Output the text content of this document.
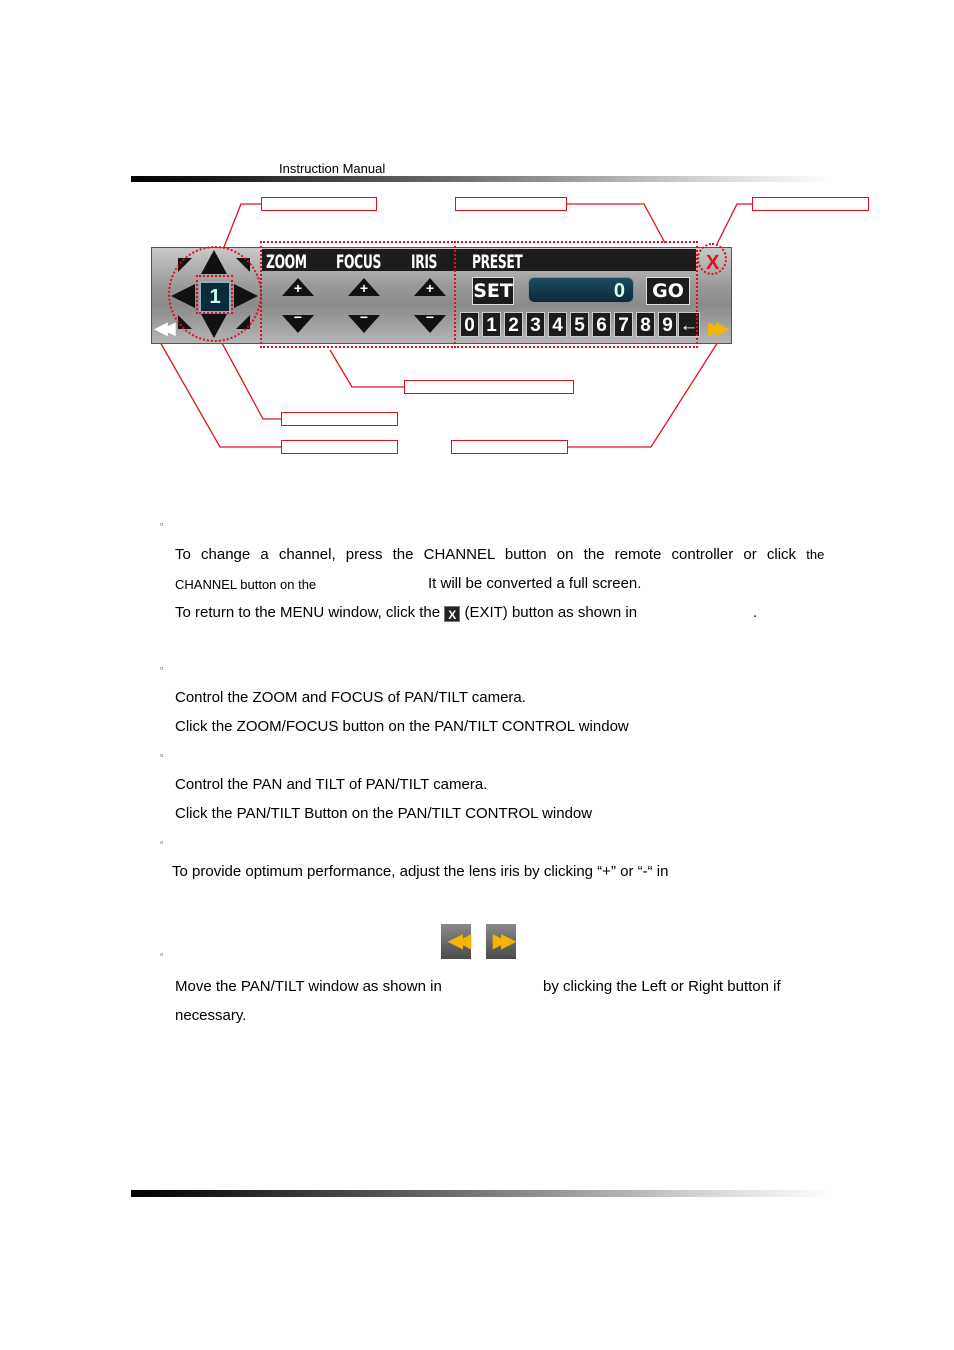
Instruction Manual
ZOOM FOCUS IRIS PRESET
1	+	+	+
−	−	−
SET	0	GO
0 1 2 3 4 5 6 7 8 9 ←
X
◀◀	▶▶
▫
To change a channel, press the CHANNEL button on the remote controller or click the
CHANNEL button on the	It will be converted a full screen.
To return to the MENU window, click the X (EXIT) button as shown in	.
▫
Control the ZOOM and FOCUS of PAN/TILT camera.
Click the ZOOM/FOCUS button on the PAN/TILT CONTROL window
▫
Control the PAN and TILT of PAN/TILT camera.
Click the PAN/TILT Button on the PAN/TILT CONTROL window
▫
To provide optimum performance, adjust the lens iris by clicking “+” or “-“ in
◀◀	▶▶
▫
Move the PAN/TILT window as shown in	by clicking the Left or Right button if
necessary.
